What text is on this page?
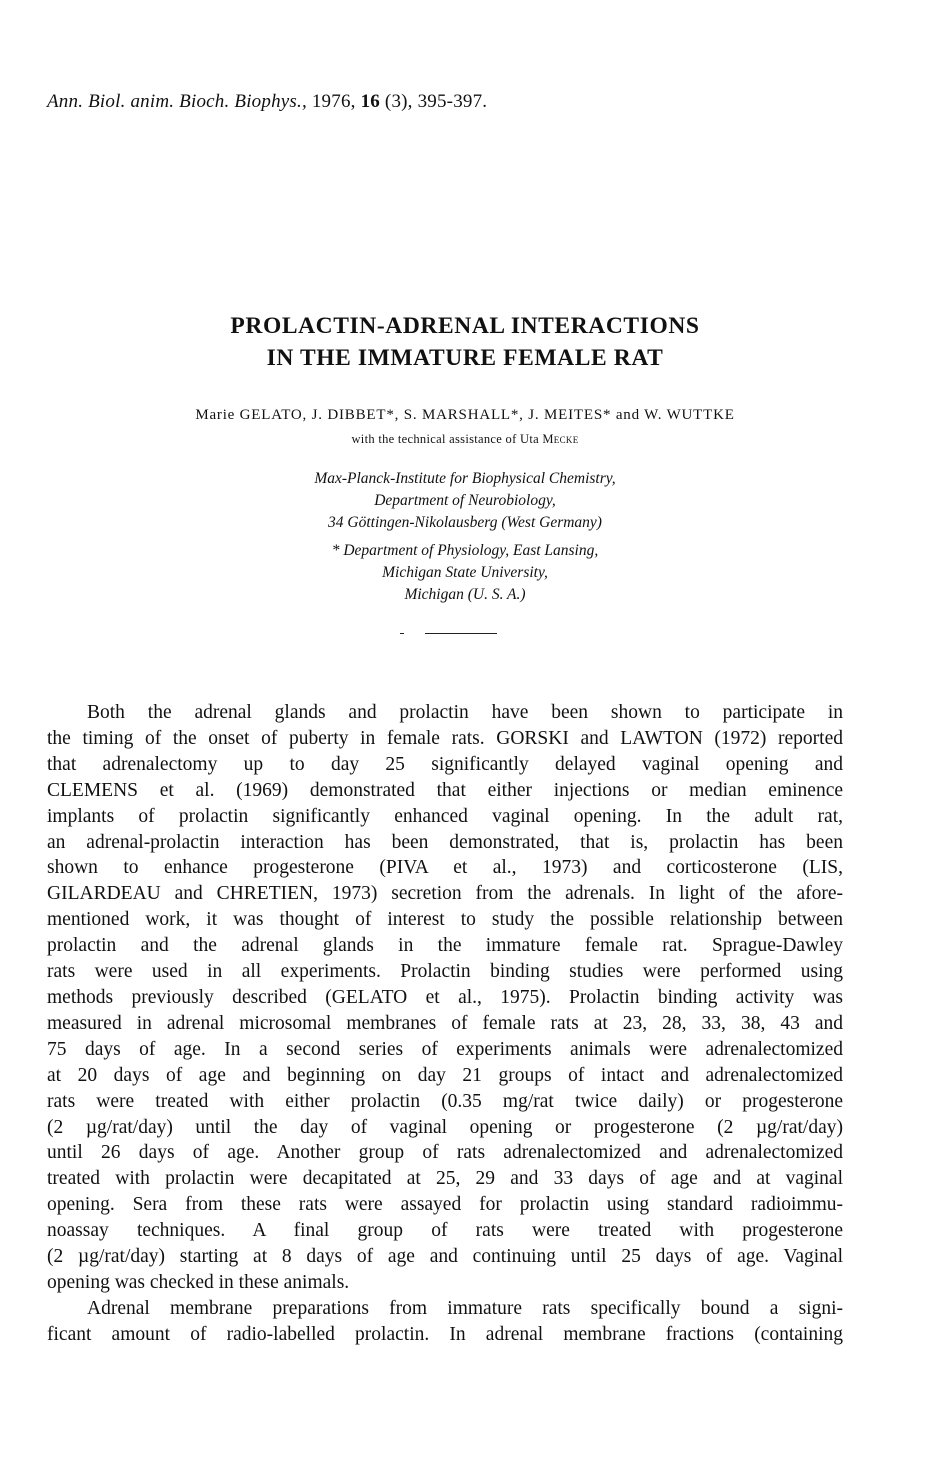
Ann. Biol. anim. Bioch. Biophys., 1976, 16 (3), 395-397.
PROLACTIN-ADRENAL INTERACTIONS
IN THE IMMATURE FEMALE RAT
Marie GELATO, J. DIBBET*, S. MARSHALL*, J. MEITES* and W. WUTTKE
with the technical assistance of Uta Mecke
Max-Planck-Institute for Biophysical Chemistry,
Department of Neurobiology,
34 Göttingen-Nikolausberg (West Germany)
* Department of Physiology, East Lansing,
Michigan State University,
Michigan (U. S. A.)

Both the adrenal glands and prolactin have been shown to participate in
the timing of the onset of puberty in female rats. GORSKI and LAWTON (1972) reported
that adrenalectomy up to day 25 significantly delayed vaginal opening and
CLEMENS et al. (1969) demonstrated that either injections or median eminence
implants of prolactin significantly enhanced vaginal opening. In the adult rat,
an adrenal-prolactin interaction has been demonstrated, that is, prolactin has been
shown to enhance progesterone (PIVA et al., 1973) and corticosterone (LIS,
GILARDEAU and CHRETIEN, 1973) secretion from the adrenals. In light of the afore-
mentioned work, it was thought of interest to study the possible relationship between
prolactin and the adrenal glands in the immature female rat. Sprague-Dawley
rats were used in all experiments. Prolactin binding studies were performed using
methods previously described (GELATO et al., 1975). Prolactin binding activity was
measured in adrenal microsomal membranes of female rats at 23, 28, 33, 38, 43 and
75 days of age. In a second series of experiments animals were adrenalectomized
at 20 days of age and beginning on day 21 groups of intact and adrenalectomized
rats were treated with either prolactin (0.35 mg/rat twice daily) or progesterone
(2 µg/rat/day) until the day of vaginal opening or progesterone (2 µg/rat/day)
until 26 days of age. Another group of rats adrenalectomized and adrenalectomized
treated with prolactin were decapitated at 25, 29 and 33 days of age and at vaginal
opening. Sera from these rats were assayed for prolactin using standard radioimmu-
noassay techniques. A final group of rats were treated with progesterone
(2 µg/rat/day) starting at 8 days of age and continuing until 25 days of age. Vaginal
opening was checked in these animals.

Adrenal membrane preparations from immature rats specifically bound a signi-
ficant amount of radio-labelled prolactin. In adrenal membrane fractions (containing
